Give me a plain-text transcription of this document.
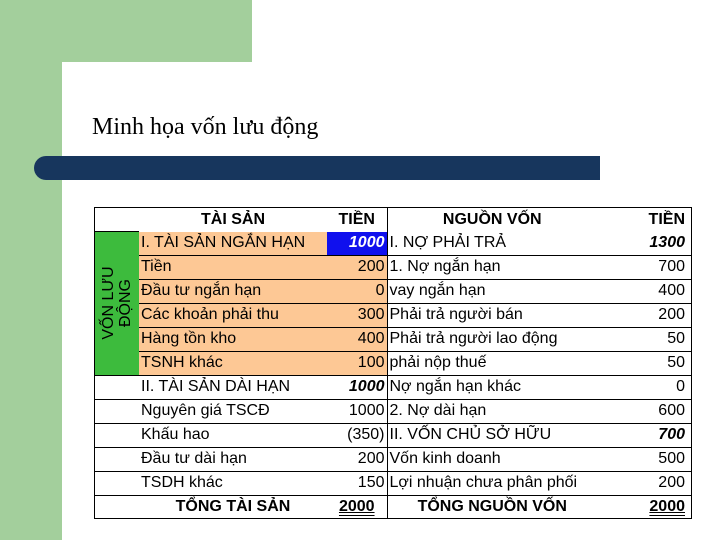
Minh họa vốn lưu động
	TÀI SẢN	TIỀN	NGUỒN VỐN	TIỀN

VỐN LƯU ĐỘNG	I. TÀI SẢN NGẮN HẠN	1000	I. NỢ PHẢI TRẢ	1300
	Tiền	200	1. Nợ ngắn hạn	700
	Đầu tư ngắn hạn	0	vay ngắn hạn	400
	Các khoản phải thu	300	Phải trả người bán	200
	Hàng tồn kho	400	Phải trả người lao động	50
	TSNH khác	100	phải nộp thuế	50
	II. TÀI SẢN DÀI HẠN	1000	Nợ ngắn hạn khác	0
	Nguyên giá TSCĐ	1000	2. Nợ dài hạn	600
	Khấu hao	(350)	II. VỐN CHỦ SỞ HỮU	700
	Đầu tư dài hạn	200	Vốn kinh doanh	500
	TSDH khác	150	Lợi nhuận chưa phân phối	200
	TỔNG TÀI SẢN	2000	TỔNG NGUỒN VỐN	2000
